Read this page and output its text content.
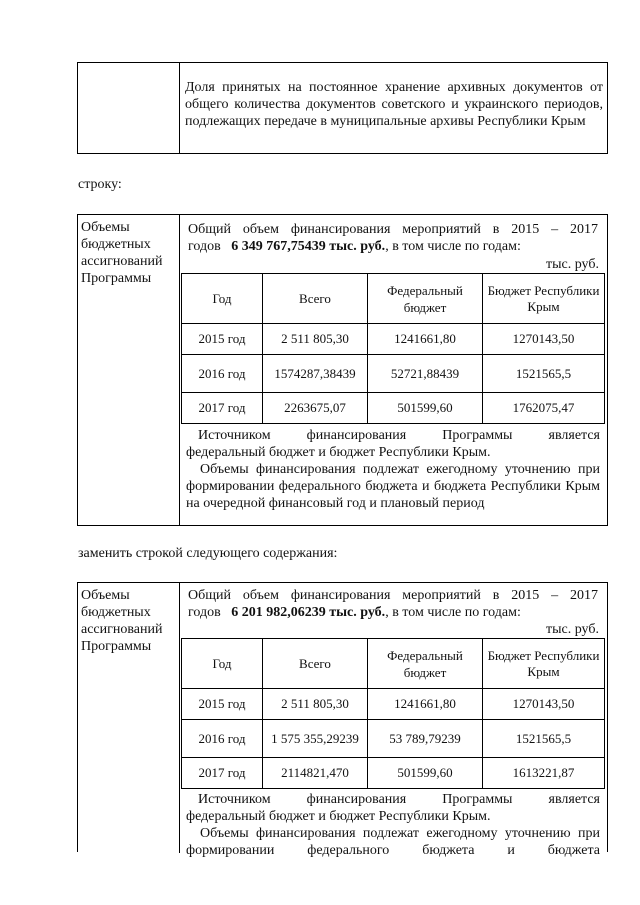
Доля принятых на постоянное хранение архивных документов от общего количества документов советского и украинского периодов, подлежащих передаче в муниципальные архивы Республики Крым
строку:
Объемы
бюджетных
ассигнований
Программы
Общий объем финансирования мероприятий в 2015 – 2017
годов 6 349 767,75439 тыс. руб., в том числе по годам:
тыс. руб.
Год	Всего	Федеральный бюджет	Бюджет Республики Крым
2015 год	2 511 805,30	1241661,80	1270143,50
2016 год	1574287,38439	52721,88439	1521565,5
2017 год	2263675,07	501599,60	1762075,47
Источником	финансирования	Программы	является
федеральный бюджет и бюджет Республики Крым.
Объемы финансирования подлежат ежегодному уточнению при формировании федерального бюджета и бюджета Республики Крым на очередной финансовый год и плановый период
заменить строкой следующего содержания:
Объемы
бюджетных
ассигнований
Программы
Общий объем финансирования мероприятий в 2015 – 2017
годов 6 201 982,06239 тыс. руб., в том числе по годам:
тыс. руб.
Год	Всего	Федеральный бюджет	Бюджет Республики Крым
2015 год	2 511 805,30	1241661,80	1270143,50
2016 год	1 575 355,29239	53 789,79239	1521565,5
2017 год	2114821,470	501599,60	1613221,87
Источником	финансирования	Программы	является
федеральный бюджет и бюджет Республики Крым.
Объемы финансирования подлежат ежегодному уточнению при формировании федерального бюджета и бюджета
